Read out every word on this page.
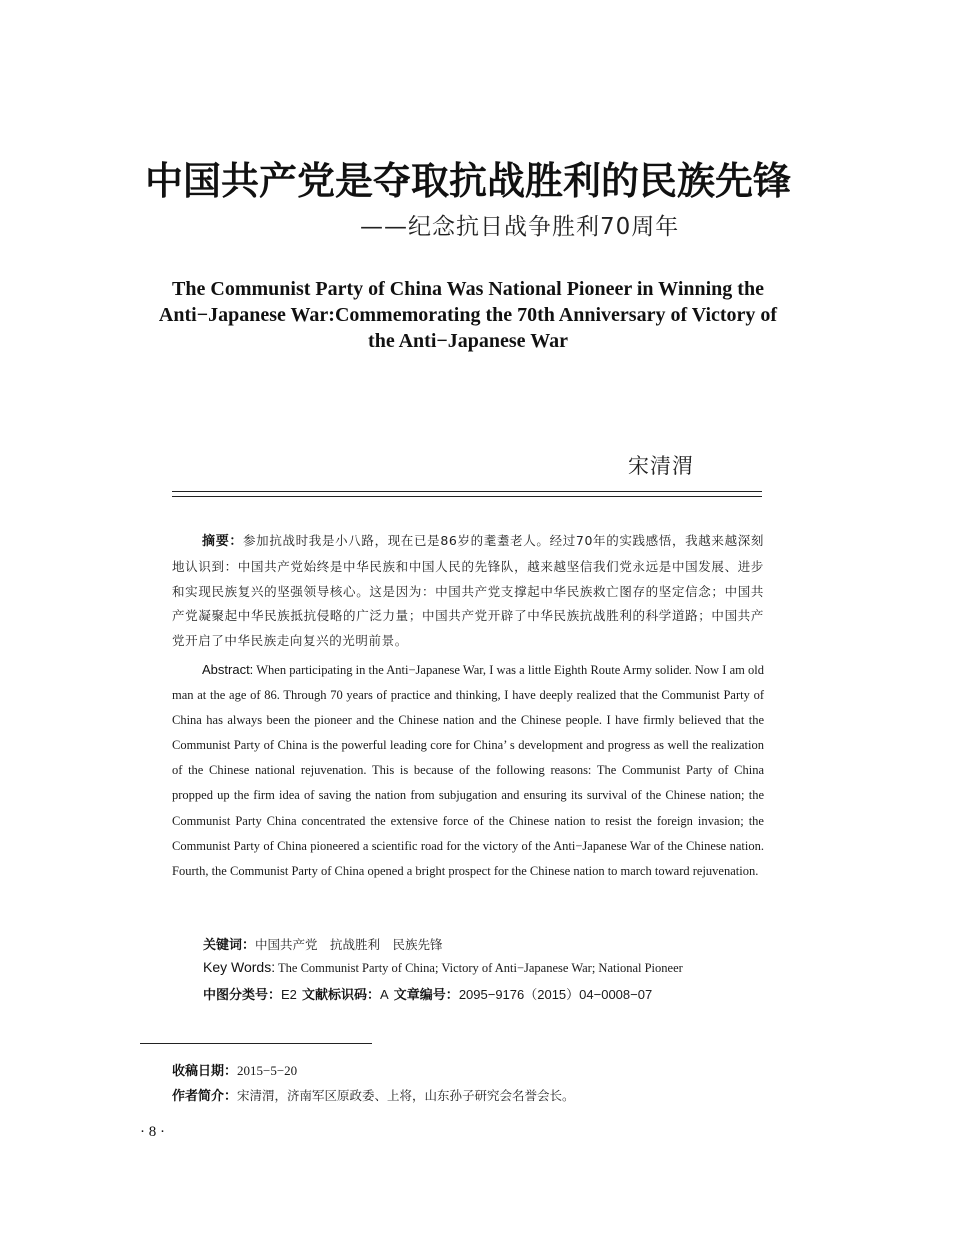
中国共产党是夺取抗战胜利的民族先锋
——纪念抗日战争胜利70周年
The Communist Party of China Was National Pioneer in Winning the
Anti−Japanese War:Commemorating the 70th Anniversary of Victory of
the Anti−Japanese War
宋清渭
摘要：参加抗战时我是小八路，现在已是86岁的耄耋老人。经过70年的实践感悟，我越来越深刻地认识到：中国共产党始终是中华民族和中国人民的先锋队，越来越坚信我们党永远是中国发展、进步和实现民族复兴的坚强领导核心。这是因为：中国共产党支撑起中华民族救亡图存的坚定信念；中国共产党凝聚起中华民族抵抗侵略的广泛力量；中国共产党开辟了中华民族抗战胜利的科学道路；中国共产党开启了中华民族走向复兴的光明前景。
Abstract: When participating in the Anti−Japanese War, I was a little Eighth Route Army solider. Now I am old man at the age of 86. Through 70 years of practice and thinking, I have deeply realized that the Communist Party of China has always been the pioneer and the Chinese nation and the Chinese people. I have firmly believed that the Communist Party of China is the powerful leading core for China’ s development and progress as well the realization of the Chinese national rejuvenation. This is because of the following reasons: The Communist Party of China propped up the firm idea of saving the nation from subjugation and ensuring its survival of the Chinese nation; the Communist Party China concentrated the extensive force of the Chinese nation to resist the foreign invasion; the Communist Party of China pioneered a scientific road for the victory of the Anti−Japanese War of the Chinese nation. Fourth, the Communist Party of China opened a bright prospect for the Chinese nation to march toward rejuvenation.
关键词：中国共产党　抗战胜利　民族先锋
Key Words: The Communist Party of China; Victory of Anti−Japanese War; National Pioneer
中图分类号：E2 文献标识码：A 文章编号：2095−9176（2015）04−0008−07
收稿日期：2015−5−20
作者简介：宋清渭，济南军区原政委、上将，山东孙子研究会名誉会长。
· 8 ·
